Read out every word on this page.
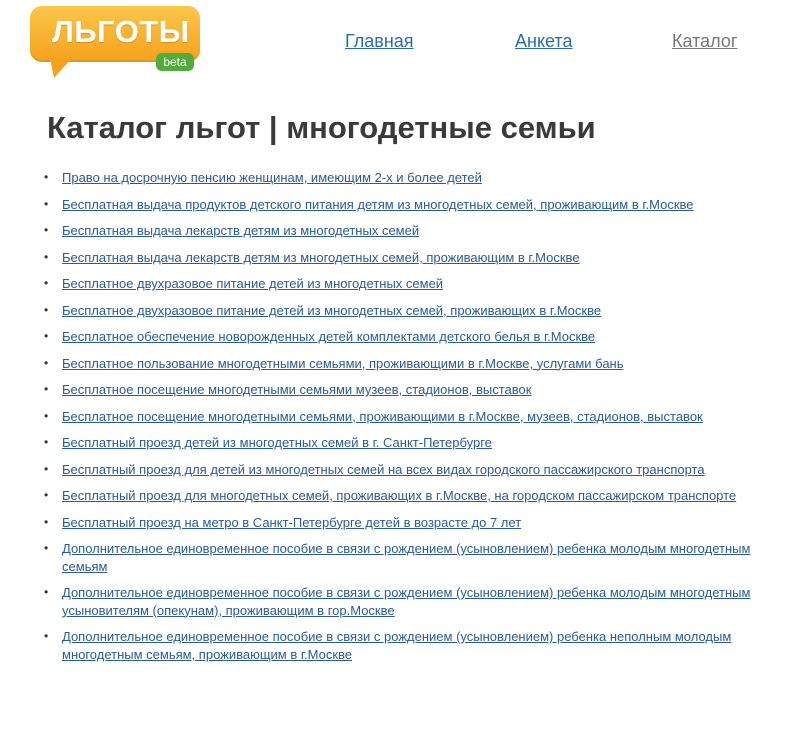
ЛЬГОТЫ
beta
Главная	Анкета	Каталог
Каталог льгот | многодетные семьи
• Право на досрочную пенсию женщинам, имеющим 2-х и более детей
• Бесплатная выдача продуктов детского питания детям из многодетных семей, проживающим в г.Москве
• Бесплатная выдача лекарств детям из многодетных семей
• Бесплатная выдача лекарств детям из многодетных семей, проживающим в г.Москве
• Бесплатное двухразовое питание детей из многодетных семей
• Бесплатное двухразовое питание детей из многодетных семей, проживающих в г.Москве
• Бесплатное обеспечение новорожденных детей комплектами детского белья в г.Москве
• Бесплатное пользование многодетными семьями, проживающими в г.Москве, услугами бань
• Бесплатное посещение многодетными семьями музеев, стадионов, выставок
• Бесплатное посещение многодетными семьями, проживающими в г.Москве, музеев, стадионов, выставок
• Бесплатный проезд детей из многодетных семей в г. Санкт-Петербурге
• Бесплатный проезд для детей из многодетных семей на всех видах городского пассажирского транспорта
• Бесплатный проезд для многодетных семей, проживающих в г.Москве, на городском пассажирском транспорте
• Бесплатный проезд на метро в Санкт-Петербурге детей в возрасте до 7 лет
• Дополнительное единовременное пособие в связи с рождением (усыновлением) ребенка молодым многодетным семьям
• Дополнительное единовременное пособие в связи с рождением (усыновлением) ребенка молодым многодетным усыновителям (опекунам), проживающим в гор.Москве
• Дополнительное единовременное пособие в связи с рождением (усыновлением) ребенка неполным молодым многодетным семьям, проживающим в г.Москве
